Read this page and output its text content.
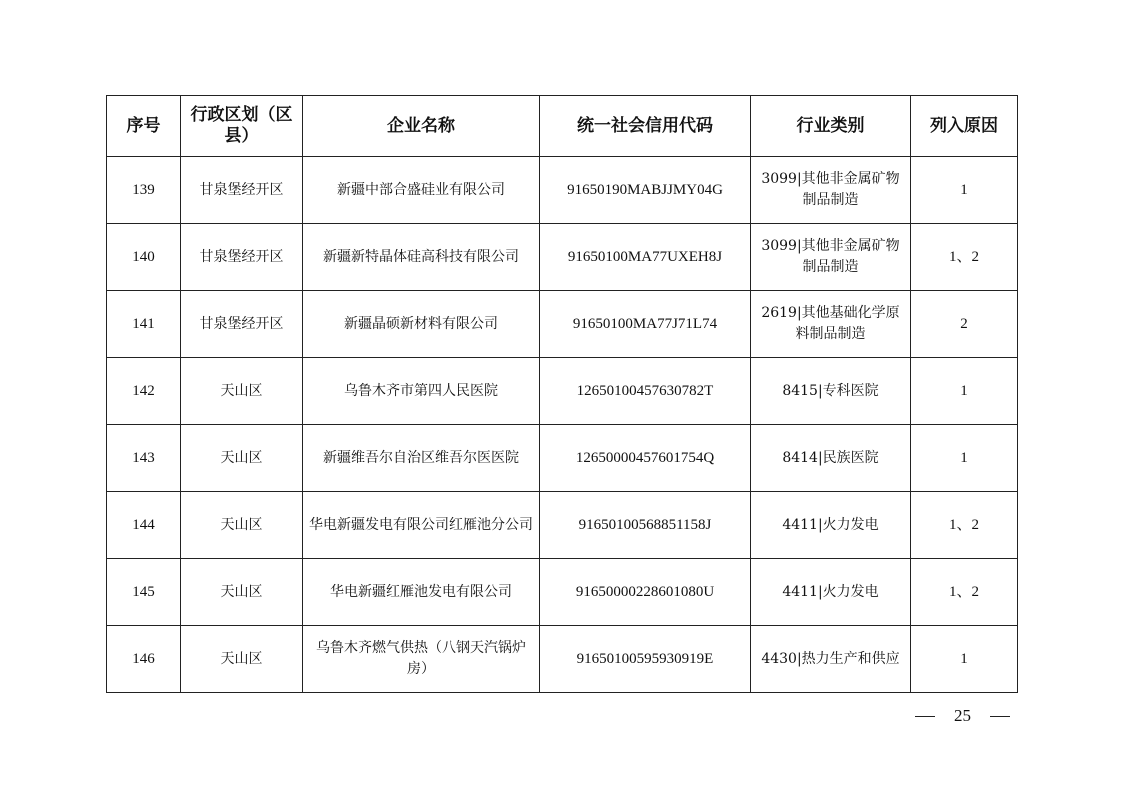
序号	行政区划（区县）	企业名称	统一社会信用代码	行业类别	列入原因
139	甘泉堡经开区	新疆中部合盛硅业有限公司	91650190MABJJMY04G	3099|其他非金属矿物制品制造	1
140	甘泉堡经开区	新疆新特晶体硅高科技有限公司	91650100MA77UXEH8J	3099|其他非金属矿物制品制造	1、2
141	甘泉堡经开区	新疆晶硕新材料有限公司	91650100MA77J71L74	2619|其他基础化学原料制品制造	2
142	天山区	乌鲁木齐市第四人民医院	12650100457630782T	8415|专科医院	1
143	天山区	新疆维吾尔自治区维吾尔医医院	12650000457601754Q	8414|民族医院	1
144	天山区	华电新疆发电有限公司红雁池分公司	91650100568851158J	4411|火力发电	1、2
145	天山区	华电新疆红雁池发电有限公司	91650000228601080U	4411|火力发电	1、2
146	天山区	乌鲁木齐燃气供热（八钢天汽锅炉房）	91650100595930919E	4430|热力生产和供应	1
25
